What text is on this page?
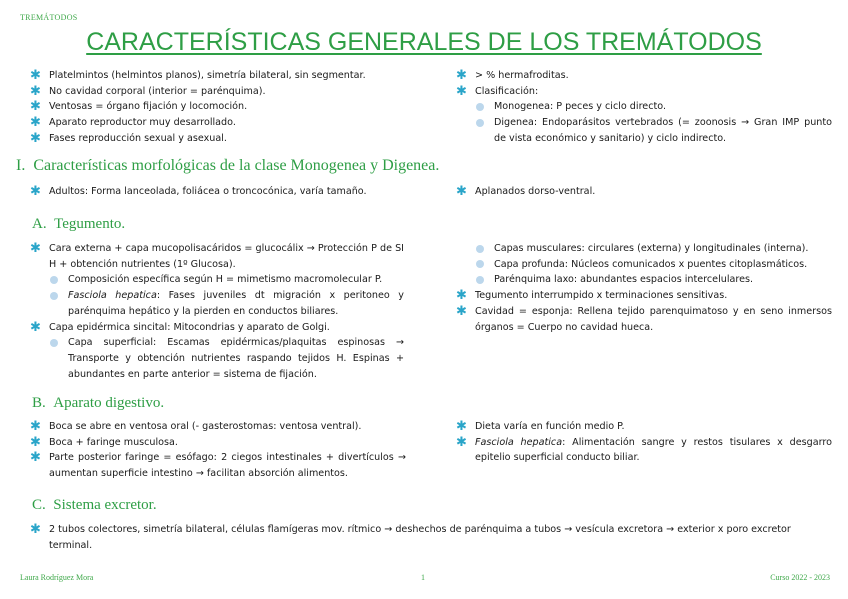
TREMÁTODOS
CARACTERÍSTICAS GENERALES DE LOS TREMÁTODOS
✱ Platelmintos (helmintos planos), simetría bilateral, sin segmentar.
✱ No cavidad corporal (interior = parénquima).
✱ Ventosas = órgano fijación y locomoción.
✱ Aparato reproductor muy desarrollado.
✱ Fases reproducción sexual y asexual.
✱ > % hermafroditas.
✱ Clasificación:
Monogenea: P peces y ciclo directo.
Digenea: Endoparásitos vertebrados (= zoonosis → Gran IMP punto de vista económico y sanitario) y ciclo indirecto.
I. Características morfológicas de la clase Monogenea y Digenea.
✱ Adultos: Forma lanceolada, foliácea o troncocónica, varía tamaño.	✱ Aplanados dorso-ventral.
A. Tegumento.
✱ Cara externa + capa mucopolisacáridos = glucocálix → Protección P de SI H + obtención nutrientes (1º Glucosa).
Composición específica según H = mimetismo macromolecular P.
Fasciola hepatica: Fases juveniles dt migración x peritoneo y parénquima hepático y la pierden en conductos biliares.
✱ Capa epidérmica sincital: Mitocondrias y aparato de Golgi.
Capa superficial: Escamas epidérmicas/plaquitas espinosas → Transporte y obtención nutrientes raspando tejidos H. Espinas + abundantes en parte anterior = sistema de fijación.
Capas musculares: circulares (externa) y longitudinales (interna).
Capa profunda: Núcleos comunicados x puentes citoplasmáticos.
Parénquima laxo: abundantes espacios intercelulares.
✱ Tegumento interrumpido x terminaciones sensitivas.
✱ Cavidad = esponja: Rellena tejido parenquimatoso y en seno inmersos órganos = Cuerpo no cavidad hueca.
B. Aparato digestivo.
✱ Boca se abre en ventosa oral (- gasterostomas: ventosa ventral).
✱ Boca + faringe musculosa.
✱ Parte posterior faringe = esófago: 2 ciegos intestinales + divertículos → aumentan superficie intestino → facilitan absorción alimentos.
✱ Dieta varía en función medio P.
✱ Fasciola hepatica: Alimentación sangre y restos tisulares x desgarro epitelio superficial conducto biliar.
C. Sistema excretor.
✱ 2 tubos colectores, simetría bilateral, células flamígeras mov. rítmico → deshechos de parénquima a tubos → vesícula excretora → exterior x poro excretor terminal.
Laura Rodríguez Mora	1	Curso 2022 - 2023
